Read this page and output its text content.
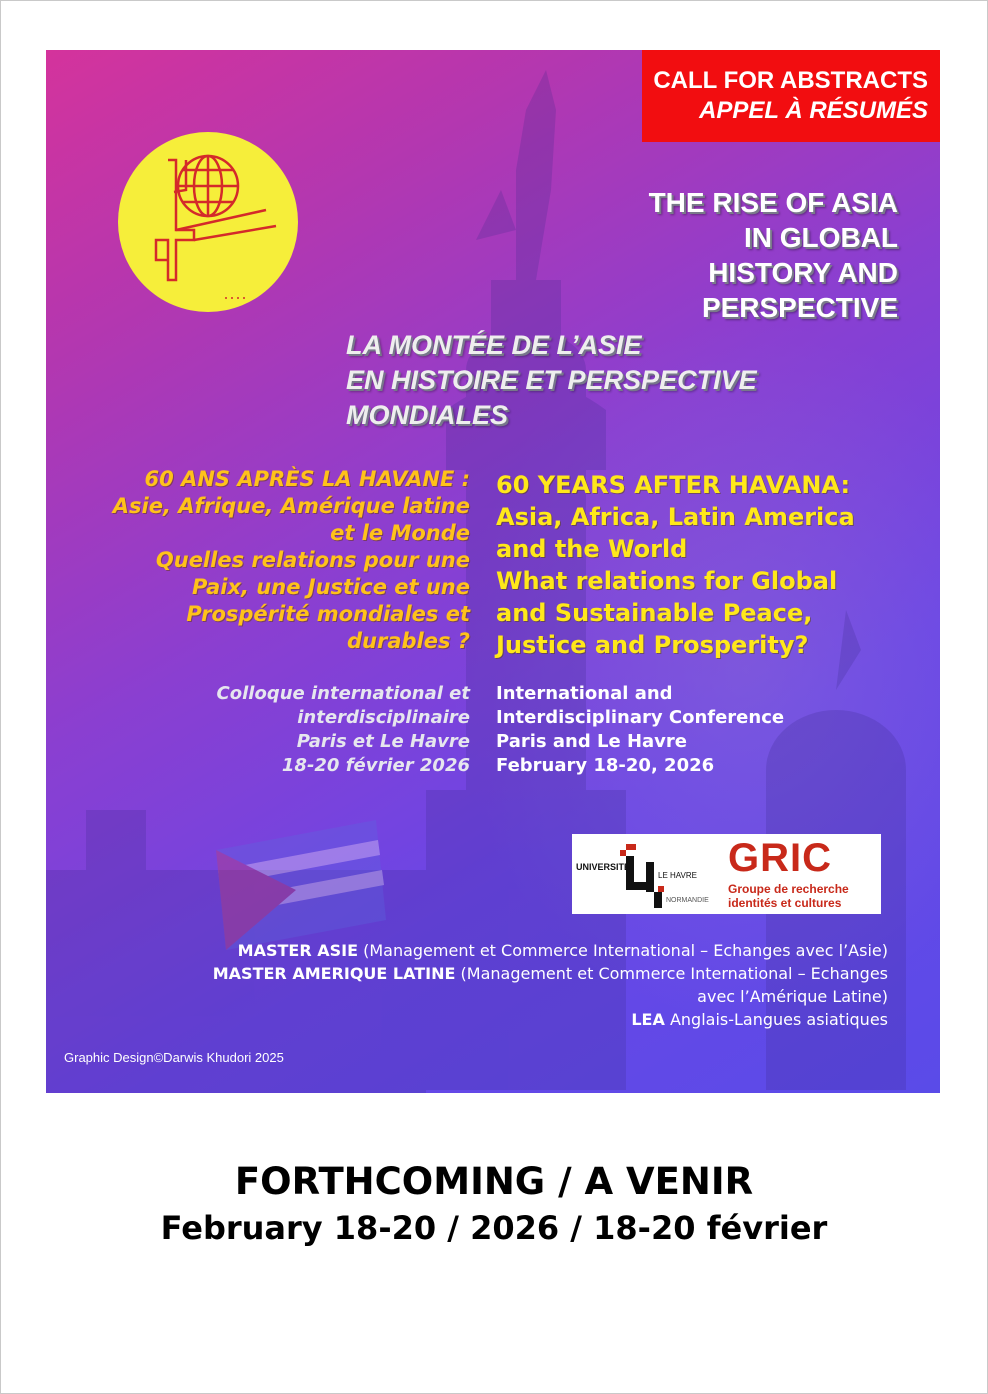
CALL FOR ABSTRACTS
APPEL À RÉSUMÉS
THE RISE OF ASIA
IN GLOBAL
HISTORY AND
PERSPECTIVE
LA MONTÉE DE L’ASIE
EN HISTOIRE ET PERSPECTIVE
MONDIALES
60 ANS APRÈS LA HAVANE :
Asie, Afrique, Amérique latine
et le Monde
Quelles relations pour une
Paix, une Justice et une
Prospérité mondiales et
durables ?
60 YEARS AFTER HAVANA:
Asia, Africa, Latin America
and the World
What relations for Global
and Sustainable Peace,
Justice and Prosperity?
Colloque international et
interdisciplinaire
Paris et Le Havre
18-20 février 2026
International and
Interdisciplinary Conference
Paris and Le Havre
February 18-20, 2026
UNIVERSITÉ
LE HAVRE
NORMANDIE
GRIC
Groupe de recherche
identités et cultures
MASTER ASIE (Management et Commerce International – Echanges avec l’Asie)
MASTER AMERIQUE LATINE (Management et Commerce International – Echanges
avec l’Amérique Latine)
LEA Anglais-Langues asiatiques
Graphic Design©Darwis Khudori 2025
FORTHCOMING / A VENIR
February 18-20 / 2026 / 18-20 février
